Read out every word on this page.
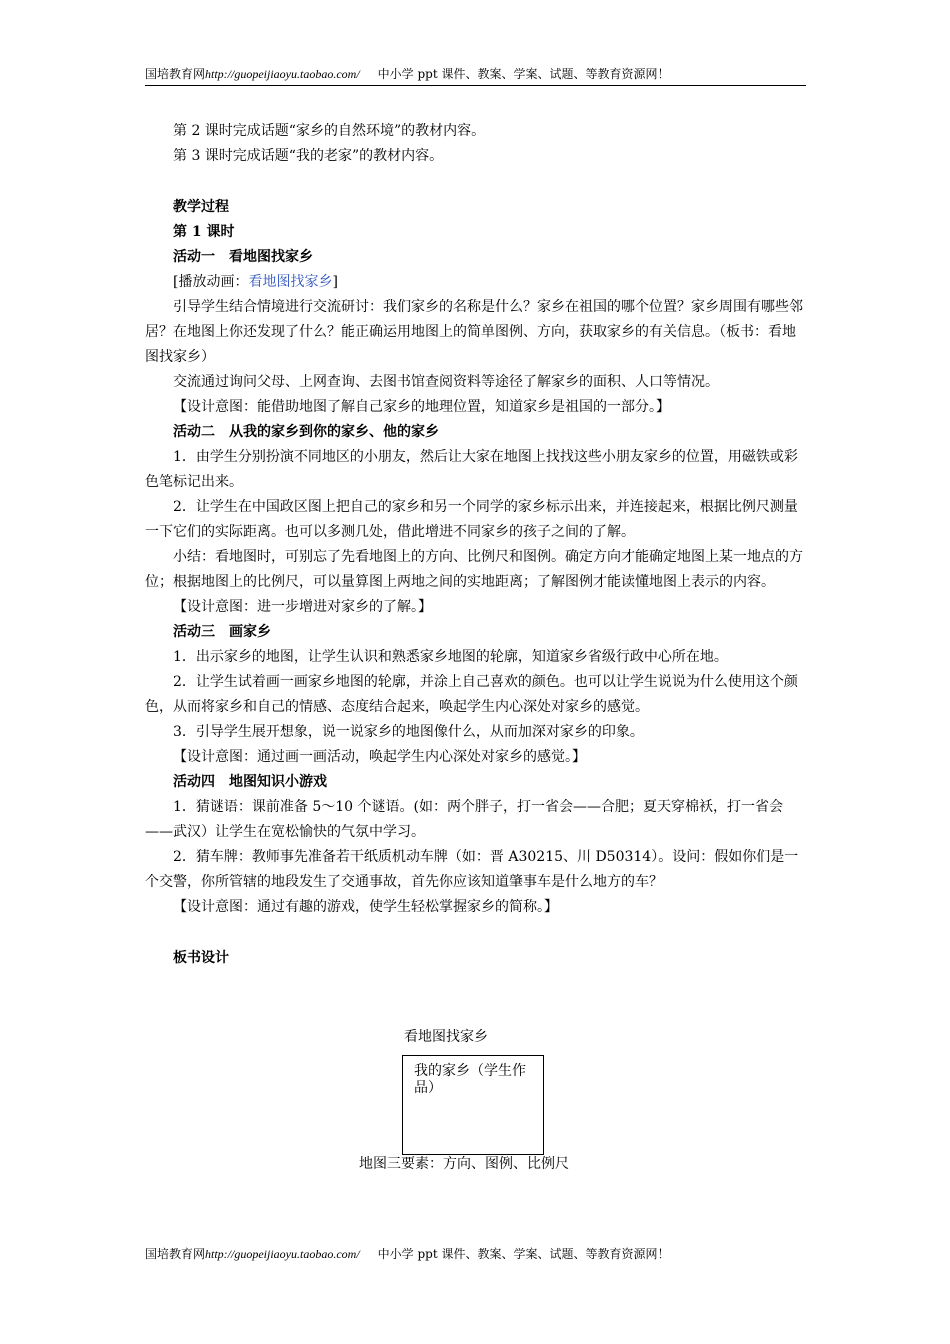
国培教育网http://guopeijiaoyu.taobao.com/ 中小学 ppt 课件、教案、学案、试题、等教育资源网！

第 2 课时完成话题“家乡的自然环境”的教材内容。

第 3 课时完成话题“我的老家”的教材内容。

教学过程

第 1 课时

活动一　看地图找家乡

[播放动画：看地图找家乡]

引导学生结合情境进行交流研讨：我们家乡的名称是什么？家乡在祖国的哪个位置？家乡周围有哪些邻居？在地图上你还发现了什么？能正确运用地图上的简单图例、方向，获取家乡的有关信息。（板书：看地图找家乡）

交流通过询问父母、上网查询、去图书馆查阅资料等途径了解家乡的面积、人口等情况。

【设计意图：能借助地图了解自己家乡的地理位置，知道家乡是祖国的一部分。】

活动二　从我的家乡到你的家乡、他的家乡

1．由学生分别扮演不同地区的小朋友，然后让大家在地图上找找这些小朋友家乡的位置，用磁铁或彩色笔标记出来。

2．让学生在中国政区图上把自己的家乡和另一个同学的家乡标示出来，并连接起来，根据比例尺测量一下它们的实际距离。也可以多测几处，借此增进不同家乡的孩子之间的了解。

小结：看地图时，可别忘了先看地图上的方向、比例尺和图例。确定方向才能确定地图上某一地点的方位；根据地图上的比例尺，可以量算图上两地之间的实地距离；了解图例才能读懂地图上表示的内容。

【设计意图：进一步增进对家乡的了解。】

活动三　画家乡

1．出示家乡的地图，让学生认识和熟悉家乡地图的轮廓，知道家乡省级行政中心所在地。

2．让学生试着画一画家乡地图的轮廓，并涂上自己喜欢的颜色。也可以让学生说说为什么使用这个颜色，从而将家乡和自己的情感、态度结合起来，唤起学生内心深处对家乡的感觉。

3．引导学生展开想象，说一说家乡的地图像什么，从而加深对家乡的印象。

【设计意图：通过画一画活动，唤起学生内心深处对家乡的感觉。】

活动四　地图知识小游戏

1．猜谜语：课前准备 5～10 个谜语。(如：两个胖子，打一省会——合肥；夏天穿棉袄，打一省会——武汉）让学生在宽松愉快的气氛中学习。

2．猜车牌：教师事先准备若干纸质机动车牌（如：晋 A30215、川 D50314）。设问：假如你们是一个交警，你所管辖的地段发生了交通事故，首先你应该知道肇事车是什么地方的车？

【设计意图：通过有趣的游戏，使学生轻松掌握家乡的简称。】

板书设计

看地图找家乡
我的家乡（学生作品）
地图三要素：方向、图例、比例尺
国培教育网http://guopeijiaoyu.taobao.com/ 中小学 ppt 课件、教案、学案、试题、等教育资源网！
